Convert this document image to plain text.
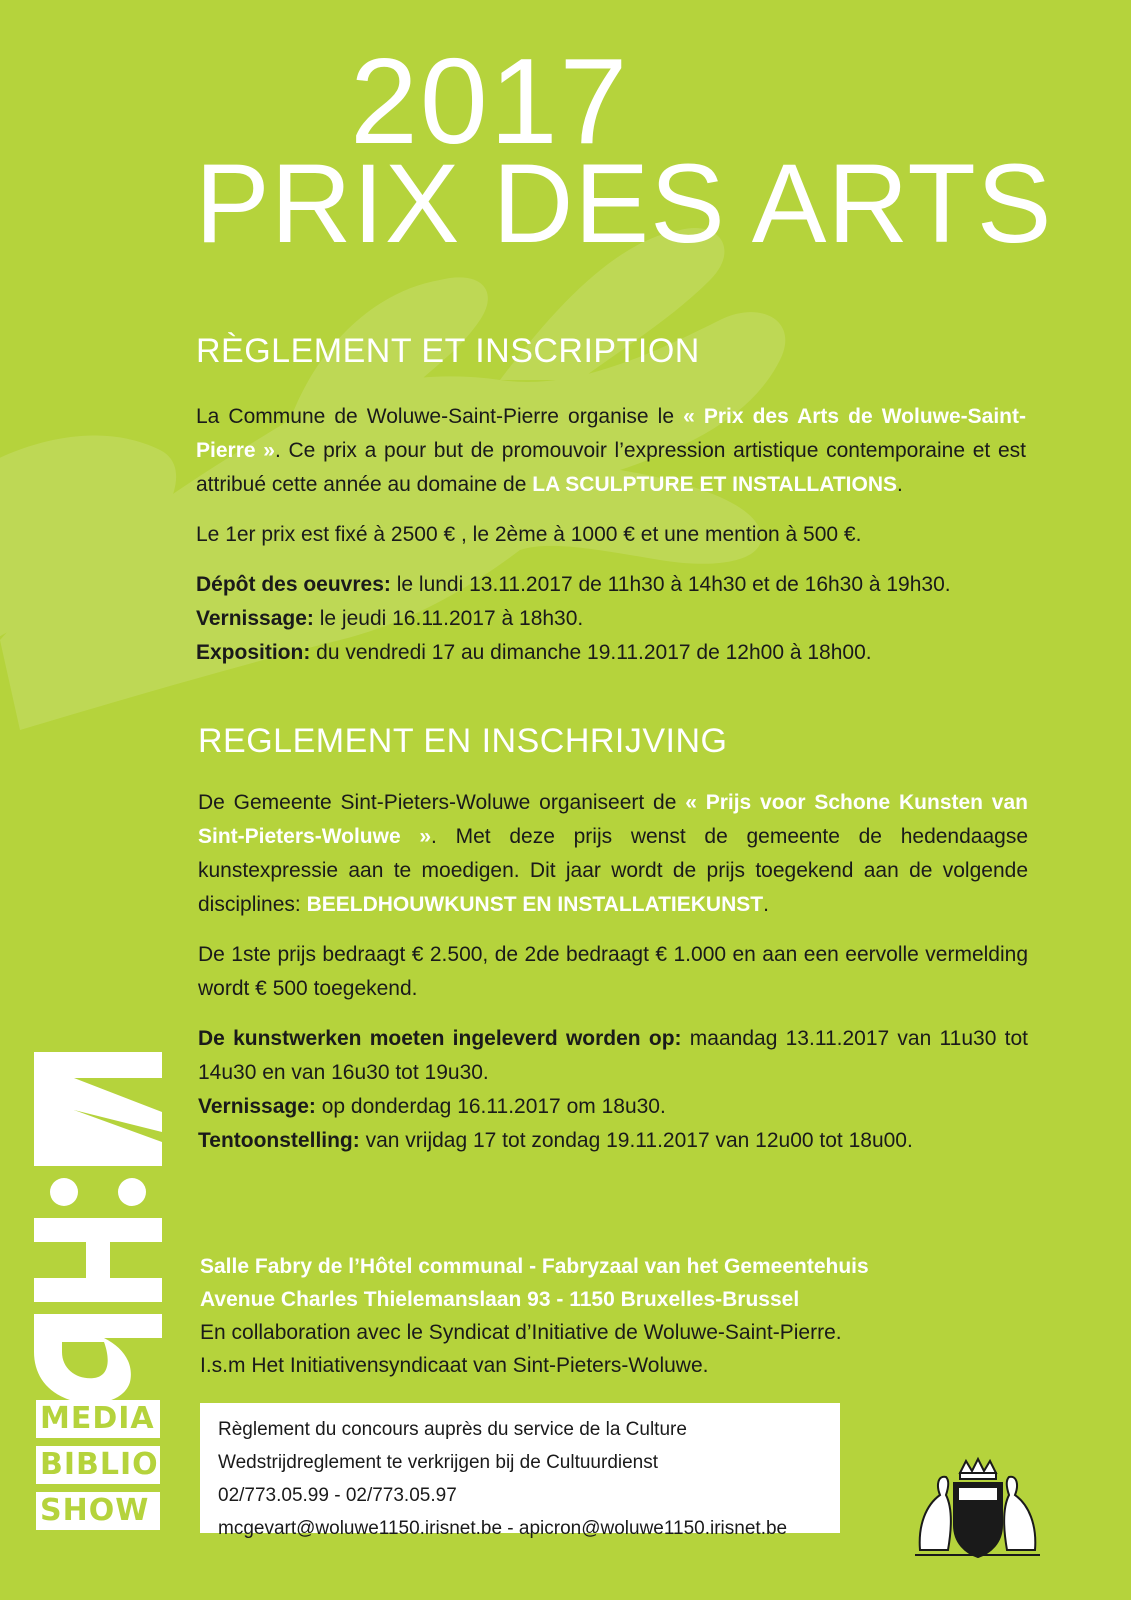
2017
PRIX DES ARTS
RÈGLEMENT ET INSCRIPTION

La Commune de Woluwe-Saint-Pierre organise le « Prix des Arts de Woluwe-Saint-Pierre ». Ce prix a pour but de promouvoir l’expression artistique contemporaine et est attribué cette année au domaine de LA SCULPTURE ET INSTALLATIONS.

Le 1er prix est fixé à 2500 € , le 2ème à 1000 € et une mention à 500 €.

Dépôt des oeuvres: le lundi 13.11.2017 de 11h30 à 14h30 et de 16h30 à 19h30.
Vernissage: le jeudi 16.11.2017 à 18h30.
Exposition: du vendredi 17 au dimanche 19.11.2017 de 12h00 à 18h00.
REGLEMENT EN INSCHRIJVING

De Gemeente Sint-Pieters-Woluwe organiseert de « Prijs voor Schone Kunsten van Sint-Pieters-Woluwe ». Met deze prijs wenst de gemeente de hedendaagse kunstexpressie aan te moedigen. Dit jaar wordt de prijs toegekend aan de volgende disciplines: BEELDHOUWKUNST EN INSTALLATIEKUNST.

De 1ste prijs bedraagt € 2.500, de 2de bedraagt € 1.000 en aan een eervolle vermelding wordt € 500 toegekend.

De kunstwerken moeten ingeleverd worden op: maandag 13.11.2017 van 11u30 tot 14u30 en van 16u30 tot 19u30.
Vernissage: op donderdag 16.11.2017 om 18u30.
Tentoonstelling: van vrijdag 17 tot zondag 19.11.2017 van 12u00 tot 18u00.
Salle Fabry de l’Hôtel communal - Fabryzaal van het Gemeentehuis
Avenue Charles Thielemanslaan 93 - 1150 Bruxelles-Brussel
En collaboration avec le Syndicat d’Initiative de Woluwe-Saint-Pierre.
I.s.m Het Initiativensyndicaat van Sint-Pieters-Woluwe.
Règlement du concours auprès du service de la Culture
Wedstrijdreglement te verkrijgen bij de Cultuurdienst
02/773.05.99 - 02/773.05.97
mcgevart@woluwe1150.irisnet.be - apicron@woluwe1150.irisnet.be
MEDIA
BIBLIO
SHOW
